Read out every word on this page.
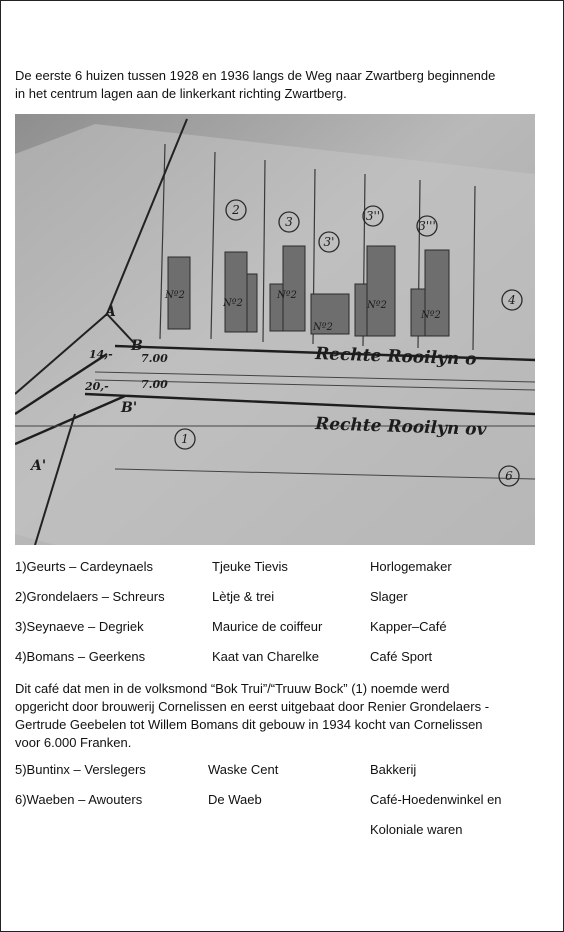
De eerste 6 huizen tussen 1928 en 1936 langs de Weg naar Zwartberg beginnende
in het centrum lagen aan de linkerkant richting Zwartberg.
2
3
3'
3''
3'''
4
1
6
Rechte Rooilyn o
Rechte Rooilyn ov
A
B
B'
A'
14,-	7.00
20,-	7.00
Nº2
Nº2
Nº2
Nº2
Nº2
Nº2
1)Geurts – Cardeynaels	Tjeuke Tievis	Horlogemaker
2)Grondelaers – Schreurs	Lètje & trei	Slager
3)Seynaeve – Degriek	Maurice de coiffeur	Kapper–Café
4)Bomans – Geerkens	Kaat van Charelke	Café Sport
Dit café dat men in de volksmond “Bok Trui”/“Truuw Bock” (1) noemde werd
opgericht door brouwerij Cornelissen en eerst uitgebaat door Renier Grondelaers -
Gertrude Geebelen tot Willem Bomans dit gebouw in 1934 kocht van Cornelissen
voor 6.000 Franken.
5)Buntinx – Verslegers	Waske Cent	Bakkerij
6)Waeben – Awouters	De Waeb	Café-Hoedenwinkel en
Koloniale waren
